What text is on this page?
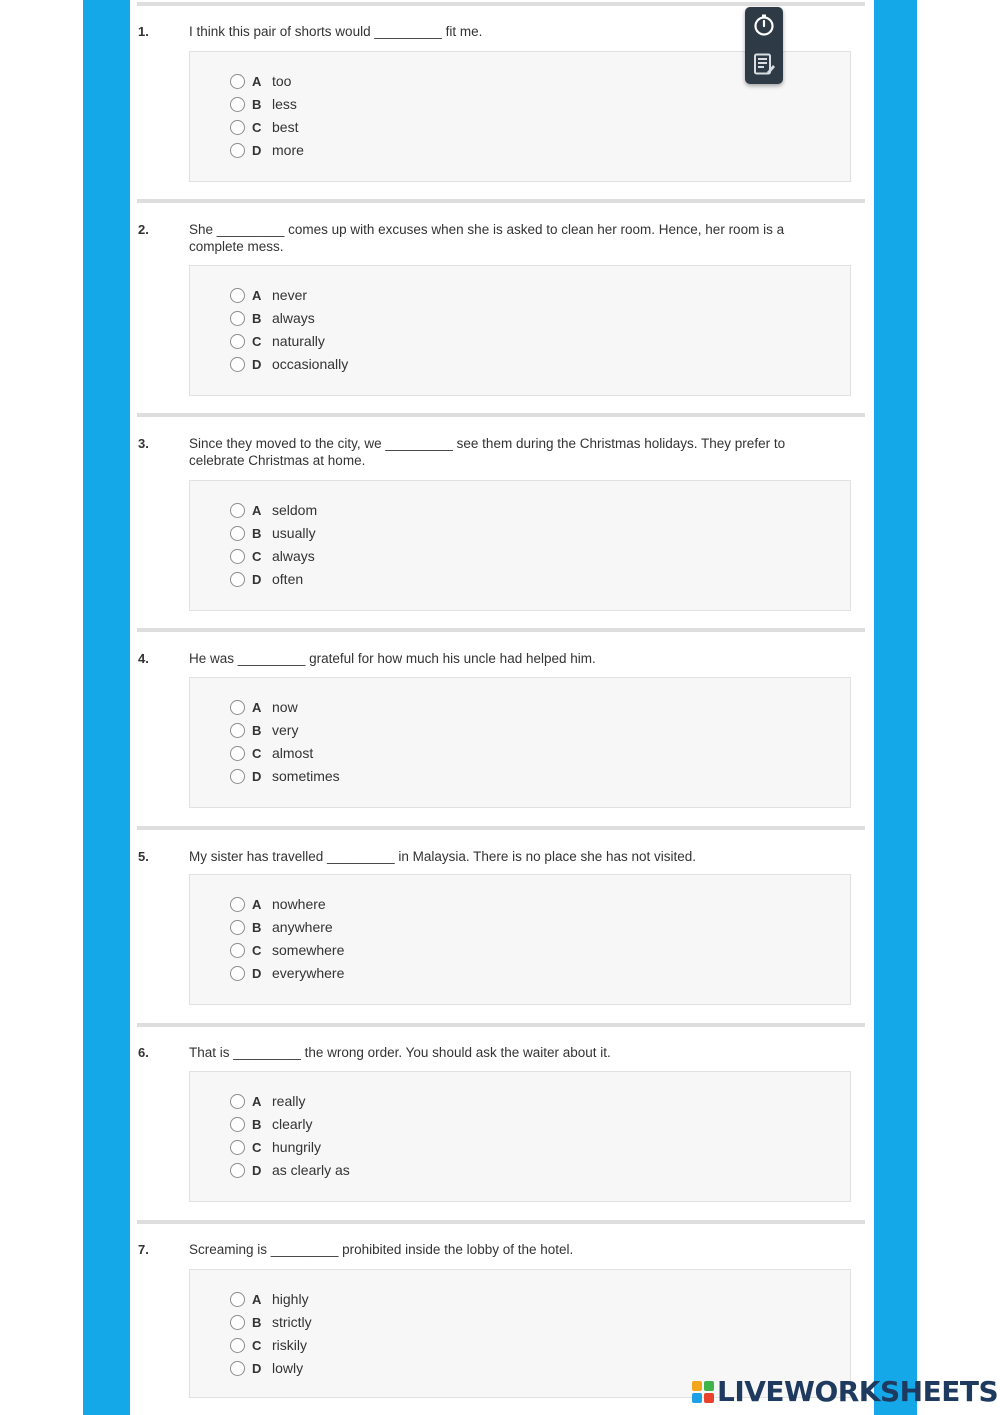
1.	I think this pair of shorts would _________ fit me.
A too
B less
C best
D more
2.	She _________ comes up with excuses when she is asked to clean her room. Hence, her room is a complete mess.
A never
B always
C naturally
D occasionally
3.	Since they moved to the city, we _________ see them during the Christmas holidays. They prefer to celebrate Christmas at home.
A seldom
B usually
C always
D often
4.	He was _________ grateful for how much his uncle had helped him.
A now
B very
C almost
D sometimes
5.	My sister has travelled _________ in Malaysia. There is no place she has not visited.
A nowhere
B anywhere
C somewhere
D everywhere
6.	That is _________ the wrong order. You should ask the waiter about it.
A really
B clearly
C hungrily
D as clearly as
7.	Screaming is _________ prohibited inside the lobby of the hotel.
A highly
B strictly
C riskily
D lowly
LIVEWORKSHEETS
